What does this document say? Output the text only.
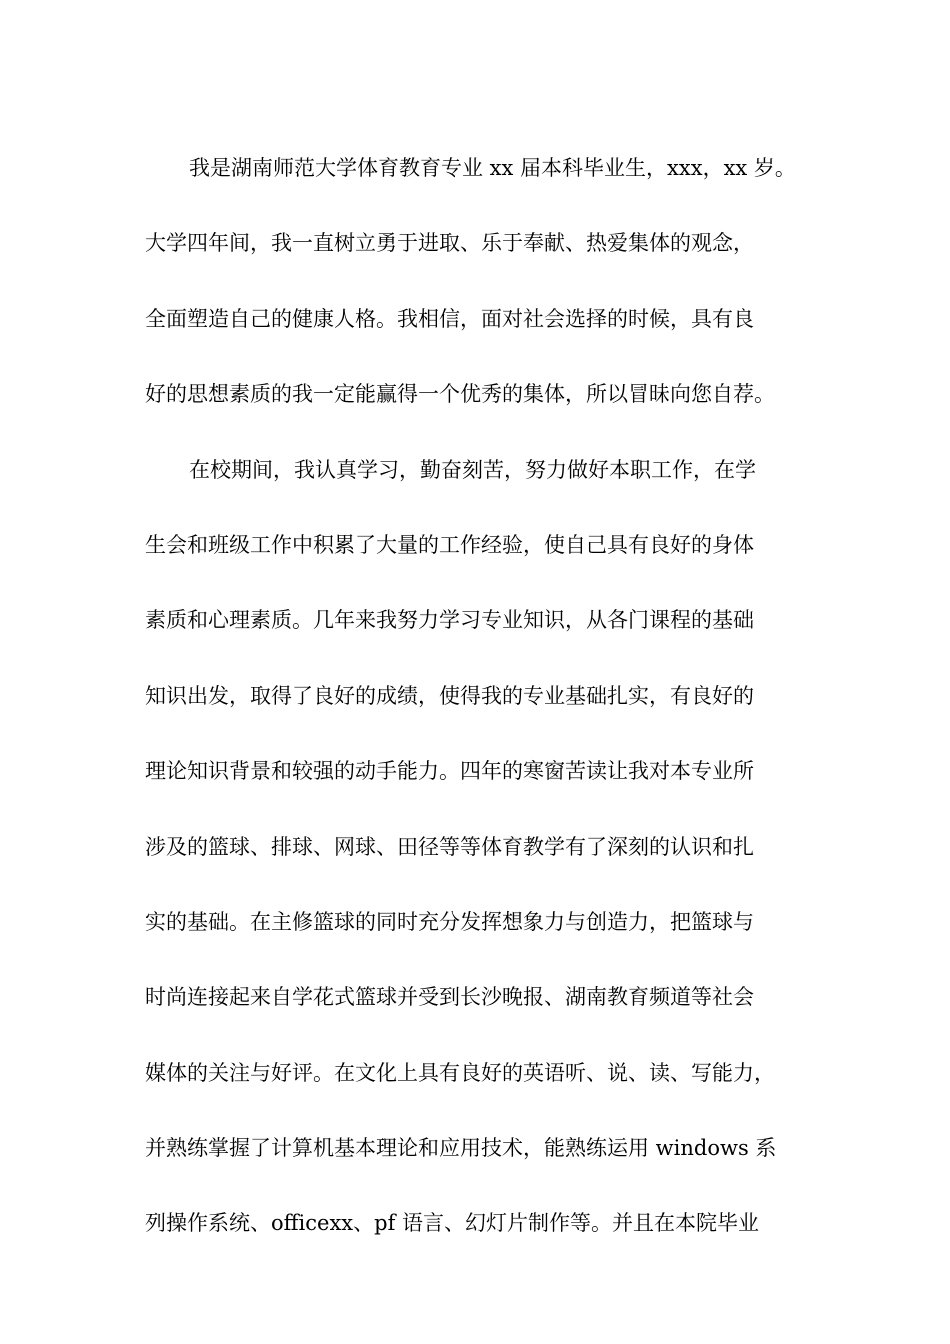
我是湖南师范大学体育教育专业 xx 届本科毕业生，xxx，xx 岁。
大学四年间，我一直树立勇于进取、乐于奉献、热爱集体的观念，
全面塑造自己的健康人格。我相信，面对社会选择的时候，具有良
好的思想素质的我一定能赢得一个优秀的集体，所以冒昧向您自荐。
在校期间，我认真学习，勤奋刻苦，努力做好本职工作，在学
生会和班级工作中积累了大量的工作经验，使自己具有良好的身体
素质和心理素质。几年来我努力学习专业知识，从各门课程的基础
知识出发，取得了良好的成绩，使得我的专业基础扎实，有良好的
理论知识背景和较强的动手能力。四年的寒窗苦读让我对本专业所
涉及的篮球、排球、网球、田径等等体育教学有了深刻的认识和扎
实的基础。在主修篮球的同时充分发挥想象力与创造力，把篮球与
时尚连接起来自学花式篮球并受到长沙晚报、湖南教育频道等社会
媒体的关注与好评。在文化上具有良好的英语听、说、读、写能力，
并熟练掌握了计算机基本理论和应用技术，能熟练运用 windows 系
列操作系统、officexx、pf 语言、幻灯片制作等。并且在本院毕业
